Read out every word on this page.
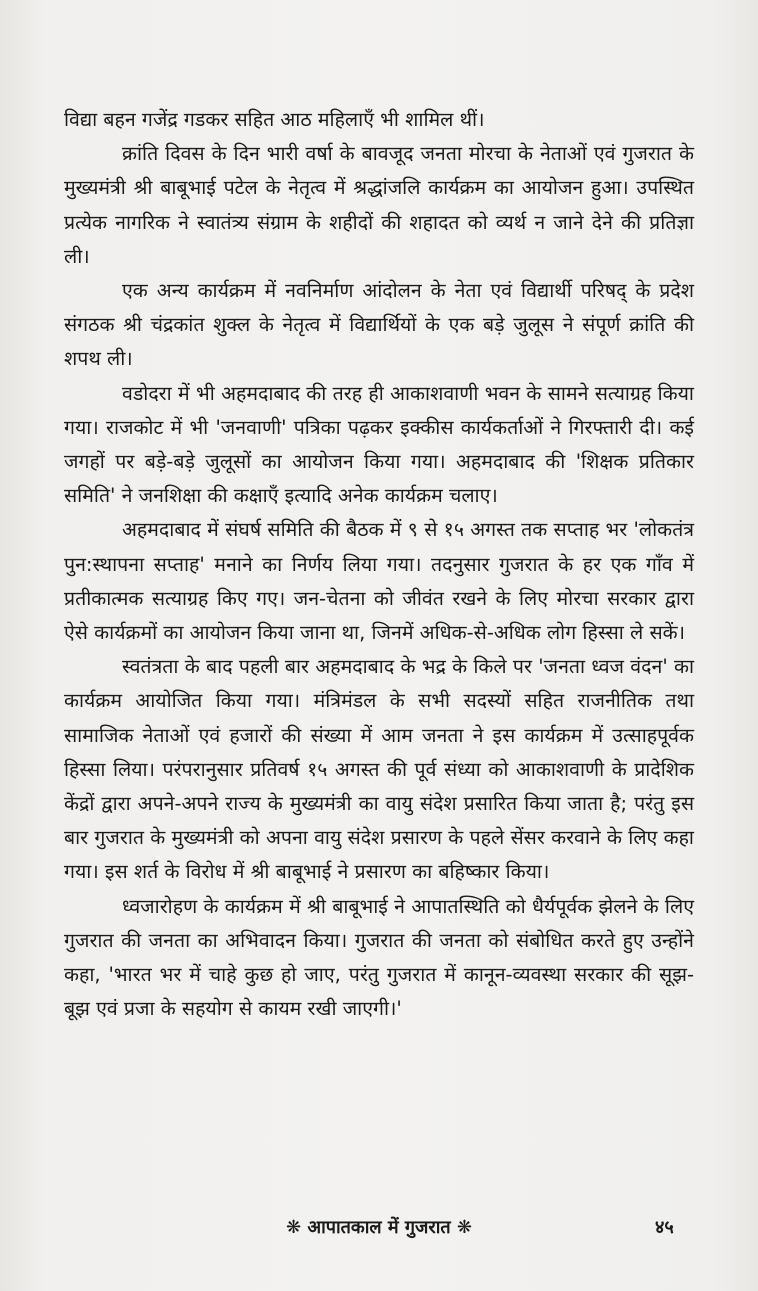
विद्या बहन गजेंद्र गडकर सहित आठ महिलाएँ भी शामिल थीं।

क्रांति दिवस के दिन भारी वर्षा के बावजूद जनता मोरचा के नेताओं एवं गुजरात के मुख्यमंत्री श्री बाबूभाई पटेल के नेतृत्व में श्रद्धांजलि कार्यक्रम का आयोजन हुआ। उपस्थित प्रत्येक नागरिक ने स्वातंत्र्य संग्राम के शहीदों की शहादत को व्यर्थ न जाने देने की प्रतिज्ञा ली।

एक अन्य कार्यक्रम में नवनिर्माण आंदोलन के नेता एवं विद्यार्थी परिषद् के प्रदेश संगठक श्री चंद्रकांत शुक्ल के नेतृत्व में विद्यार्थियों के एक बड़े जुलूस ने संपूर्ण क्रांति की शपथ ली।

वडोदरा में भी अहमदाबाद की तरह ही आकाशवाणी भवन के सामने सत्याग्रह किया गया। राजकोट में भी 'जनवाणी' पत्रिका पढ़कर इक्कीस कार्यकर्ताओं ने गिरफ्तारी दी। कई जगहों पर बड़े-बड़े जुलूसों का आयोजन किया गया। अहमदाबाद की 'शिक्षक प्रतिकार समिति' ने जनशिक्षा की कक्षाएँ इत्यादि अनेक कार्यक्रम चलाए।

अहमदाबाद में संघर्ष समिति की बैठक में ९ से १५ अगस्त तक सप्ताह भर 'लोकतंत्र पुन:स्थापना सप्ताह' मनाने का निर्णय लिया गया। तदनुसार गुजरात के हर एक गाँव में प्रतीकात्मक सत्याग्रह किए गए। जन-चेतना को जीवंत रखने के लिए मोरचा सरकार द्वारा ऐसे कार्यक्रमों का आयोजन किया जाना था, जिनमें अधिक-से-अधिक लोग हिस्सा ले सकें।

स्वतंत्रता के बाद पहली बार अहमदाबाद के भद्र के किले पर 'जनता ध्वज वंदन' का कार्यक्रम आयोजित किया गया। मंत्रिमंडल के सभी सदस्यों सहित राजनीतिक तथा सामाजिक नेताओं एवं हजारों की संख्या में आम जनता ने इस कार्यक्रम में उत्साहपूर्वक हिस्सा लिया। परंपरानुसार प्रतिवर्ष १५ अगस्त की पूर्व संध्या को आकाशवाणी के प्रादेशिक केंद्रों द्वारा अपने-अपने राज्य के मुख्यमंत्री का वायु संदेश प्रसारित किया जाता है; परंतु इस बार गुजरात के मुख्यमंत्री को अपना वायु संदेश प्रसारण के पहले सेंसर करवाने के लिए कहा गया। इस शर्त के विरोध में श्री बाबूभाई ने प्रसारण का बहिष्कार किया।

ध्वजारोहण के कार्यक्रम में श्री बाबूभाई ने आपातस्थिति को धैर्यपूर्वक झेलने के लिए गुजरात की जनता का अभिवादन किया। गुजरात की जनता को संबोधित करते हुए उन्होंने कहा, 'भारत भर में चाहे कुछ हो जाए, परंतु गुजरात में कानून-व्यवस्था सरकार की सूझ-बूझ एवं प्रजा के सहयोग से कायम रखी जाएगी।'

❋ आपातकाल में गुजरात ❋	४५
